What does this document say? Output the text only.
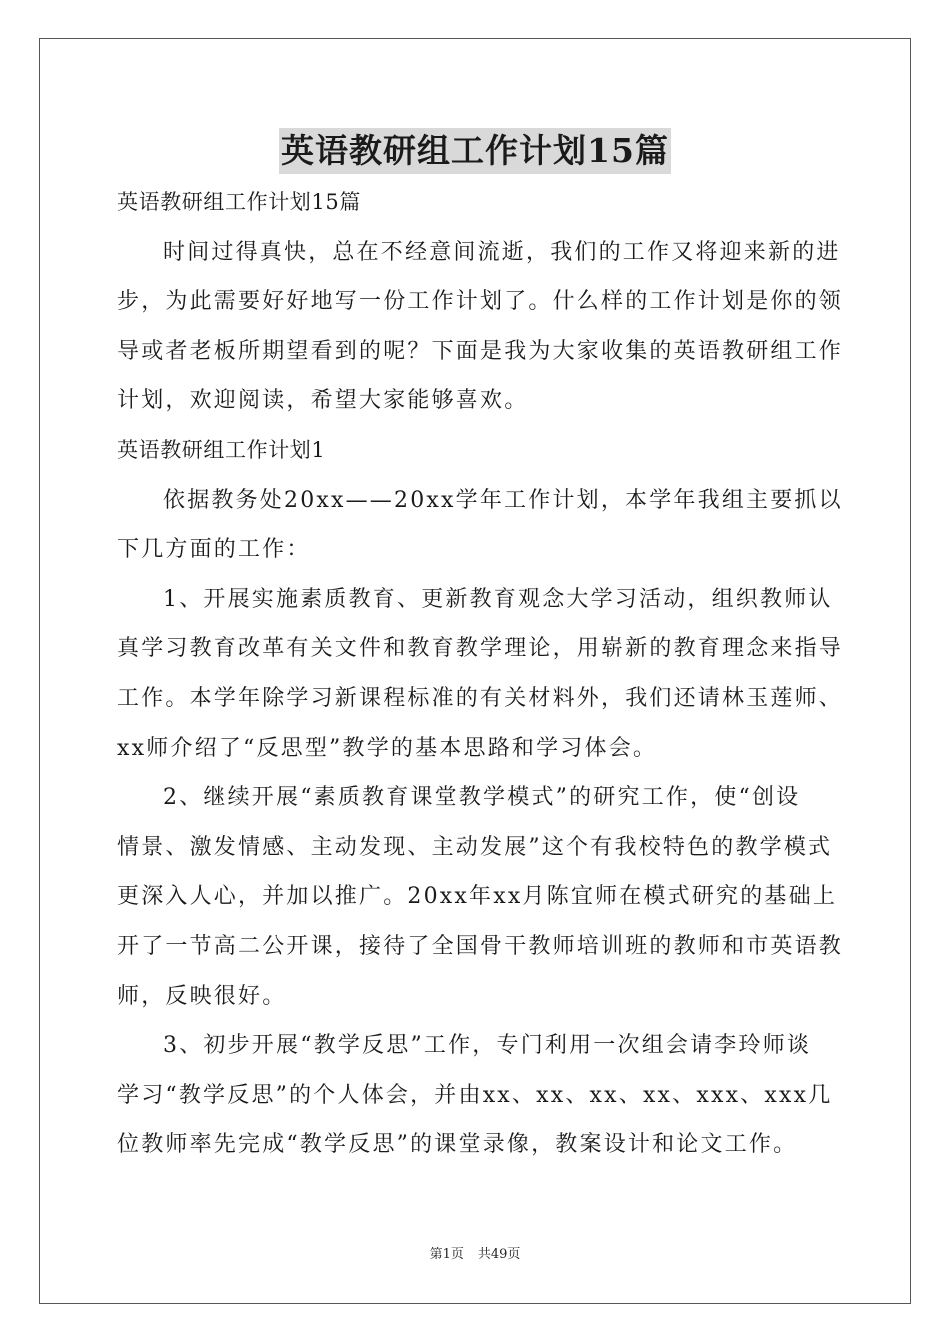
英语教研组工作计划15篇
英语教研组工作计划15篇
时间过得真快，总在不经意间流逝，我们的工作又将迎来新的进
步，为此需要好好地写一份工作计划了。什么样的工作计划是你的领
导或者老板所期望看到的呢？下面是我为大家收集的英语教研组工作
计划，欢迎阅读，希望大家能够喜欢。
英语教研组工作计划1
依据教务处20xx——20xx学年工作计划，本学年我组主要抓以
下几方面的工作：
1、开展实施素质教育、更新教育观念大学习活动，组织教师认
真学习教育改革有关文件和教育教学理论，用崭新的教育理念来指导
工作。本学年除学习新课程标准的有关材料外，我们还请林玉莲师、
xx师介绍了“反思型”教学的基本思路和学习体会。
2、继续开展“素质教育课堂教学模式”的研究工作，使“创设
情景、激发情感、主动发现、主动发展”这个有我校特色的教学模式
更深入人心，并加以推广。20xx年xx月陈宜师在模式研究的基础上
开了一节高二公开课，接待了全国骨干教师培训班的教师和市英语教
师，反映很好。
3、初步开展“教学反思”工作，专门利用一次组会请李玲师谈
学习“教学反思”的个人体会，并由xx、xx、xx、xx、xxx、xxx几
位教师率先完成“教学反思”的课堂录像，教案设计和论文工作。
第1页 共49页
